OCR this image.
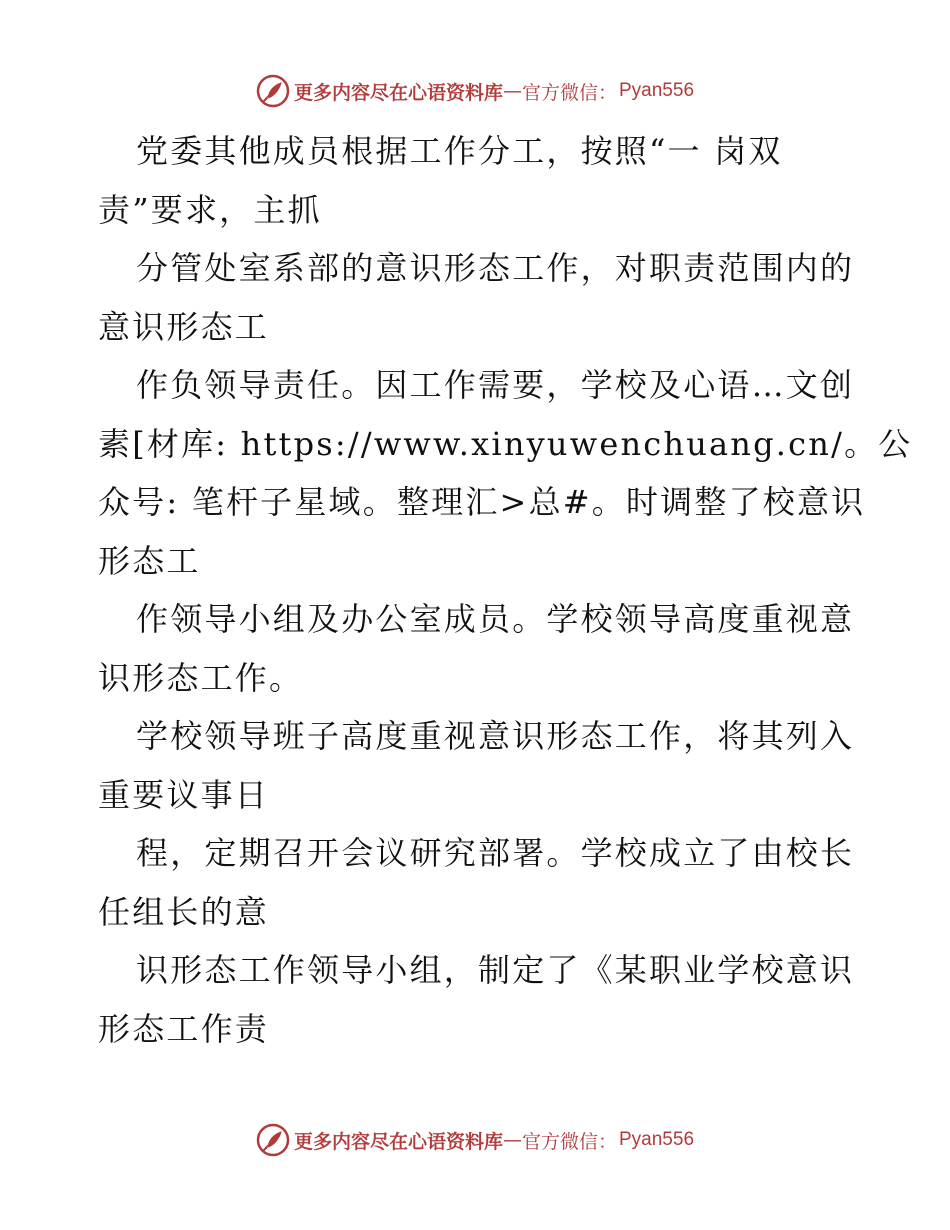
更多内容尽在心语资料库 — 官方微信： Pyan556
党委其他成员根据工作分工，按照“一 岗双
责”要求，主抓
分管处室系部的意识形态工作，对职责范围内的
意识形态工
作负领导责任。因工作需要，学校及心语…文创
素[材库: https://www.xinyuwenchuang.cn/。公
众号: 笔杆子星域。整理汇>总#。时调整了校意识
形态工
作领导小组及办公室成员。学校领导高度重视意
识形态工作。
学校领导班子高度重视意识形态工作，将其列入
重要议事日
程，定期召开会议研究部署。学校成立了由校长
任组长的意
识形态工作领导小组，制定了《某职业学校意识
形态工作责
更多内容尽在心语资料库 — 官方微信： Pyan556
